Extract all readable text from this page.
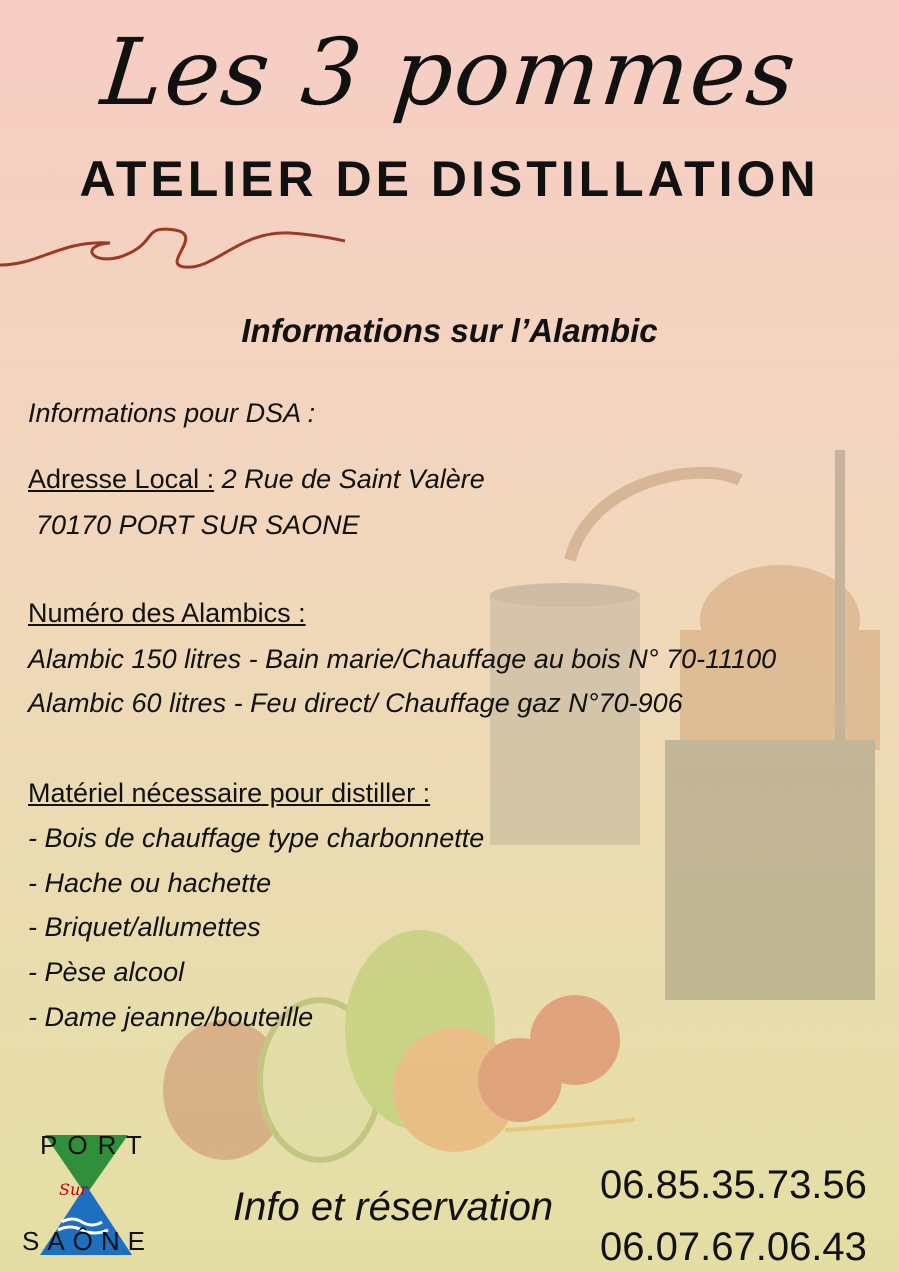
Les 3 pommes
ATELIER DE DISTILLATION
Informations sur l’Alambic
Informations pour DSA :
Adresse Local : 2 Rue de Saint Valère
70170 PORT SUR SAONE
Numéro des Alambics :
Alambic 150 litres - Bain marie/Chauffage au bois N° 70-11100
Alambic 60 litres - Feu direct/ Chauffage gaz N°70-906
Matériel nécessaire pour distiller :
- Bois de chauffage type charbonnette
- Hache ou hachette
- Briquet/allumettes
- Pèse alcool
- Dame jeanne/bouteille
PORT
Sur
SAÔNE
Info et réservation 06.85.35.73.56
06.07.67.06.43
